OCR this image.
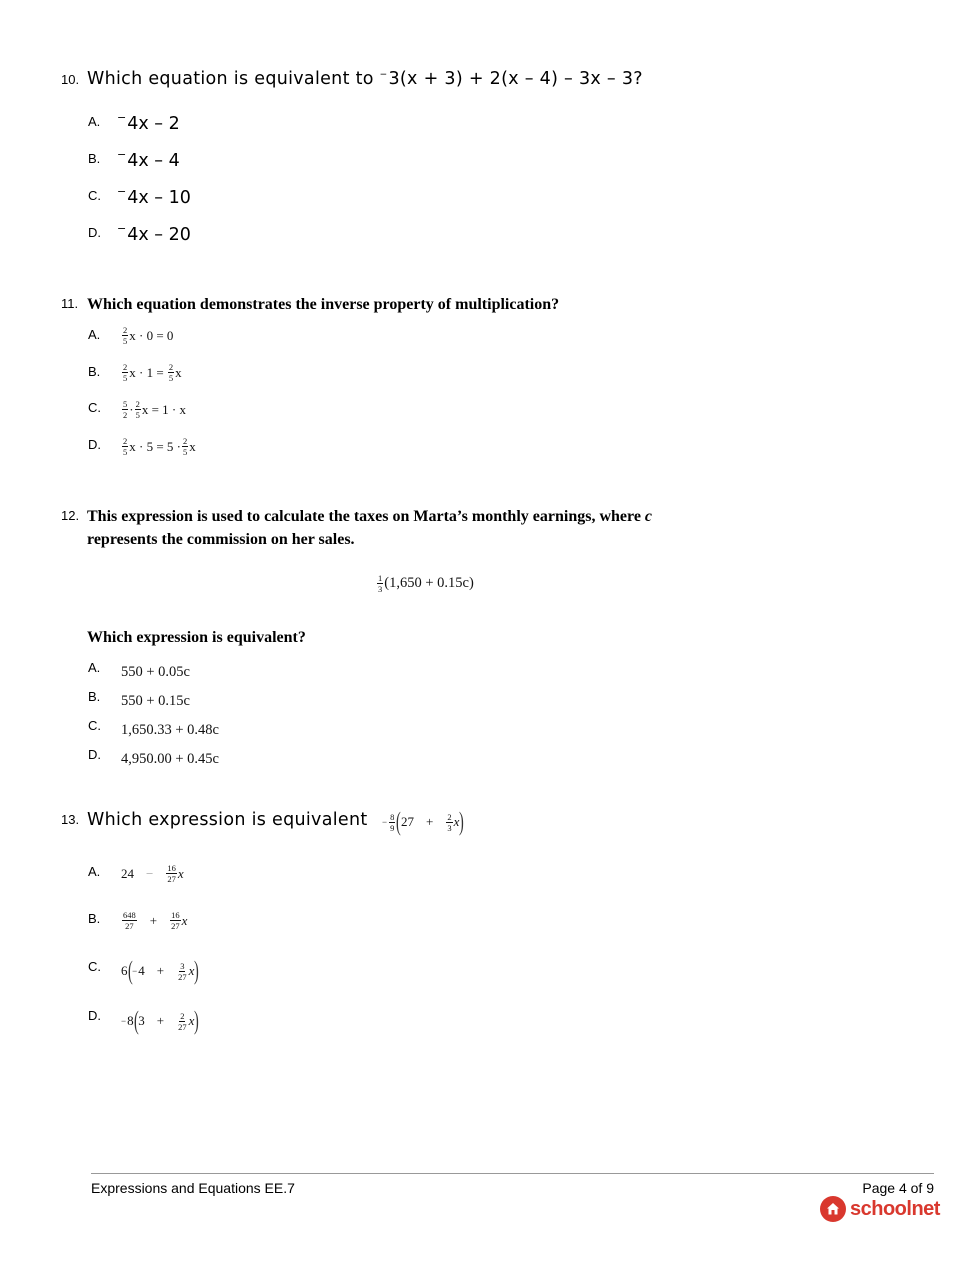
10. Which equation is equivalent to −3(x + 3) + 2(x – 4) – 3x – 3?
A. −4x – 2
B. −4x – 4
C. −4x – 10
D. −4x – 20
11. Which equation demonstrates the inverse property of multiplication?
A.	$\frac{2}{5}$ x · 0 = 0
B.	$\frac{2}{5}$ x · 1 =
$\frac{2}{5}$ x
C. $\frac{5}{2} \cdot \frac{2}{5}$ x = 1 · x
D. $\frac{2}{5}$ $x \cdot 5 = 5 \cdot \frac{2}{5}$ x
12. This expression is used to calculate the taxes on Marta’s monthly earnings, where c
represents the commission on her sales.
$\frac{1}{3} (1,650 + 0.15c)$
Which expression is equivalent?
A. 550 + 0.05c
B. 550 + 0.15c
C. 1,650.33 + 0.48c
D. 4,950.00 + 0.45c
13. Which expression is equivalent − $\frac{8}{9}$ ( $27 + \frac{2}{3}$ x )
A. $24 - \frac{16}{27}$ x
B.	$\frac{648}{27} + \frac{16}{27}$ x
C. 6 ( − $4 + \frac{3}{27}$ x )
D. − 8 ( $3 + \frac{2}{27}$ x )
Expressions and Equations EE.7	Page 4 of 9
schoolnet
